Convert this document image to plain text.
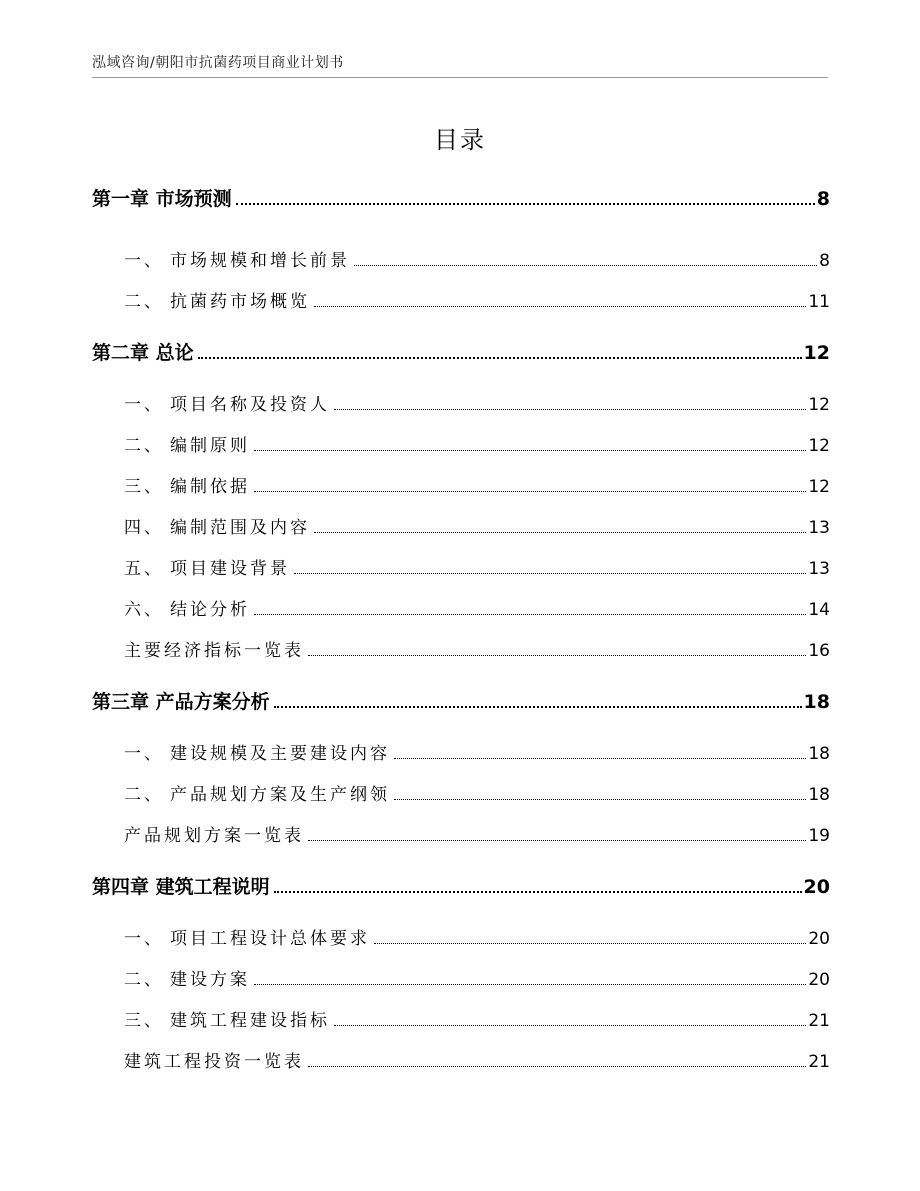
泓域咨询/朝阳市抗菌药项目商业计划书
目录
第一章 市场预测	8
一、 市场规模和增长前景	8
二、 抗菌药市场概览	11
第二章 总论	12
一、 项目名称及投资人	12
二、 编制原则	12
三、 编制依据	12
四、 编制范围及内容	13
五、 项目建设背景	13
六、 结论分析	14
主要经济指标一览表	16
第三章 产品方案分析	18
一、 建设规模及主要建设内容	18
二、 产品规划方案及生产纲领	18
产品规划方案一览表	19
第四章 建筑工程说明	20
一、 项目工程设计总体要求	20
二、 建设方案	20
三、 建筑工程建设指标	21
建筑工程投资一览表	21
